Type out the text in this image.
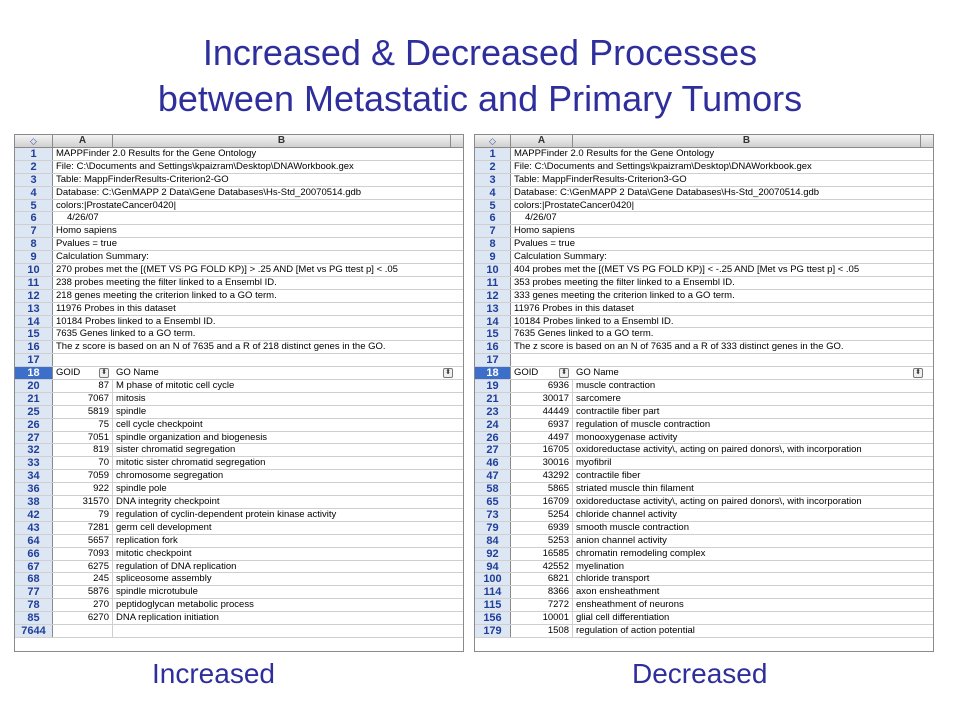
Increased & Decreased Processes
between Metastatic and Primary Tumors
◇	A	B
1	MAPPFinder 2.0 Results for the Gene Ontology
2	File: C:\Documents and Settings\kpaizram\Desktop\DNAWorkbook.gex
3	Table: MappFinderResults-Criterion2-GO
4	Database: C:\GenMAPP 2 Data\Gene Databases\Hs-Std_20070514.gdb
5	colors:|ProstateCancer0420|
6	4/26/07
7	Homo sapiens
8	Pvalues = true
9	Calculation Summary:
10	270 probes met the [(MET VS PG FOLD KP)] > .25 AND [Met vs PG ttest p] < .05
11	238 probes meeting the filter linked to a Ensembl ID.
12	218 genes meeting the criterion linked to a GO term.
13	11976 Probes in this dataset
14	10184 Probes linked to a Ensembl ID.
15	7635 Genes linked to a GO term.
16	The z score is based on an N of 7635 and a R of 218 distinct genes in the GO.
17
18	GOID	GO Name
⬍	⬍
20	87 M phase of mitotic cell cycle
21	7067 mitosis
25	5819 spindle
26	75 cell cycle checkpoint
27	7051 spindle organization and biogenesis
32	819 sister chromatid segregation
33	70 mitotic sister chromatid segregation
34	7059 chromosome segregation
36	922 spindle pole
38	31570 DNA integrity checkpoint
42	79 regulation of cyclin-dependent protein kinase activity
43	7281 germ cell development
64	5657 replication fork
66	7093 mitotic checkpoint
67	6275 regulation of DNA replication
68	245 spliceosome assembly
77	5876 spindle microtubule
78	270 peptidoglycan metabolic process
85	6270 DNA replication initiation
7644
◇	A	B
1	MAPPFinder 2.0 Results for the Gene Ontology
2	File: C:\Documents and Settings\kpaizram\Desktop\DNAWorkbook.gex
3	Table: MappFinderResults-Criterion3-GO
4	Database: C:\GenMAPP 2 Data\Gene Databases\Hs-Std_20070514.gdb
5	colors:|ProstateCancer0420|
6	4/26/07
7	Homo sapiens
8	Pvalues = true
9	Calculation Summary:
10	404 probes met the [(MET VS PG FOLD KP)] < -.25 AND [Met vs PG ttest p] < .05
11	353 probes meeting the filter linked to a Ensembl ID.
12	333 genes meeting the criterion linked to a GO term.
13	11976 Probes in this dataset
14	10184 Probes linked to a Ensembl ID.
15	7635 Genes linked to a GO term.
16	The z score is based on an N of 7635 and a R of 333 distinct genes in the GO.
17
18	GOID	GO Name
⬍	⬍
19	6936 muscle contraction
21	30017 sarcomere
23	44449 contractile fiber part
24	6937 regulation of muscle contraction
26	4497 monooxygenase activity
27	16705 oxidoreductase activity\, acting on paired donors\, with incorporation
46	30016 myofibril
47	43292 contractile fiber
58	5865 striated muscle thin filament
65	16709 oxidoreductase activity\, acting on paired donors\, with incorporation
73	5254 chloride channel activity
79	6939 smooth muscle contraction
84	5253 anion channel activity
92	16585 chromatin remodeling complex
94	42552 myelination
100	6821 chloride transport
114	8366 axon ensheathment
115	7272 ensheathment of neurons
156	10001 glial cell differentiation
179	1508 regulation of action potential
Increased	Decreased
